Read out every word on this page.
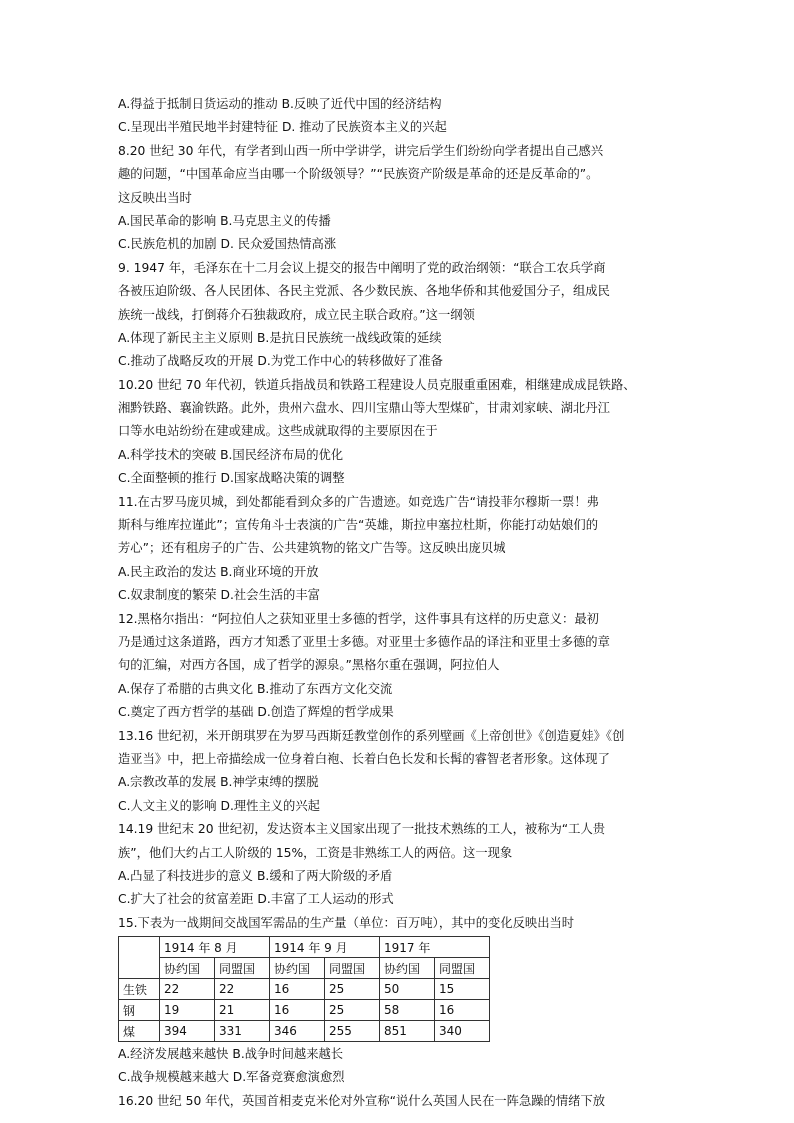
A.得益于抵制日货运动的推动 B.反映了近代中国的经济结构
C.呈现出半殖民地半封建特征 D. 推动了民族资本主义的兴起
8.20 世纪 30 年代，有学者到山西一所中学讲学，讲完后学生们纷纷向学者提出自己感兴
趣的问题，“中国革命应当由哪一个阶级领导？”“民族资产阶级是革命的还是反革命的”。
这反映出当时
A.国民革命的影响 B.马克思主义的传播
C.民族危机的加剧 D. 民众爱国热情高涨
9. 1947 年，毛泽东在十二月会议上提交的报告中阐明了党的政治纲领：“联合工农兵学商
各被压迫阶级、各人民团体、各民主党派、各少数民族、各地华侨和其他爱国分子，组成民
族统一战线，打倒蒋介石独裁政府，成立民主联合政府。”这一纲领
A.体现了新民主主义原则 B.是抗日民族统一战线政策的延续
C.推动了战略反攻的开展 D.为党工作中心的转移做好了准备
10.20 世纪 70 年代初，铁道兵指战员和铁路工程建设人员克服重重困难，相继建成成昆铁路、
湘黔铁路、襄渝铁路。此外，贵州六盘水、四川宝鼎山等大型煤矿，甘肃刘家峡、湖北丹江
口等水电站纷纷在建或建成。这些成就取得的主要原因在于
A.科学技术的突破 B.国民经济布局的优化
C.全面整顿的推行 D.国家战略决策的调整
11.在古罗马庞贝城，到处都能看到众多的广告遗迹。如竞选广告“请投菲尔穆斯一票！弗
斯科与维库拉谨此”；宣传角斗士表演的广告“英雄，斯拉申塞拉杜斯，你能打动姑娘们的
芳心”；还有租房子的广告、公共建筑物的铭文广告等。这反映出庞贝城
A.民主政治的发达 B.商业环境的开放
C.奴隶制度的繁荣 D.社会生活的丰富
12.黑格尔指出：“阿拉伯人之获知亚里士多德的哲学，这件事具有这样的历史意义：最初
乃是通过这条道路，西方才知悉了亚里士多德。对亚里士多德作品的译注和亚里士多德的章
句的汇编，对西方各国，成了哲学的源泉。”黑格尔重在强调，阿拉伯人
A.保存了希腊的古典文化 B.推动了东西方文化交流
C.奠定了西方哲学的基础 D.创造了辉煌的哲学成果
13.16 世纪初，米开朗琪罗在为罗马西斯廷教堂创作的系列壁画《上帝创世》《创造夏娃》《创
造亚当》中，把上帝描绘成一位身着白袍、长着白色长发和长髯的睿智老者形象。这体现了
A.宗教改革的发展 B.神学束缚的摆脱
C.人文主义的影响 D.理性主义的兴起
14.19 世纪末 20 世纪初，发达资本主义国家出现了一批技术熟练的工人，被称为“工人贵
族”，他们大约占工人阶级的 15%，工资是非熟练工人的两倍。这一现象
A.凸显了科技进步的意义 B.缓和了两大阶级的矛盾
C.扩大了社会的贫富差距 D.丰富了工人运动的形式
15.下表为一战期间交战国军需品的生产量（单位：百万吨），其中的变化反映出当时
	1914 年 8 月		1914 年 9 月		1917 年	
	协约国	同盟国	协约国	同盟国	协约国	同盟国
生铁	22	22	16	25	50	15
钢	19	21	16	25	58	16
煤	394	331	346	255	851	340
A.经济发展越来越快 B.战争时间越来越长
C.战争规模越来越大 D.军备竞赛愈演愈烈
16.20 世纪 50 年代，英国首相麦克米伦对外宣称“说什么英国人民在一阵急躁的情绪下放
